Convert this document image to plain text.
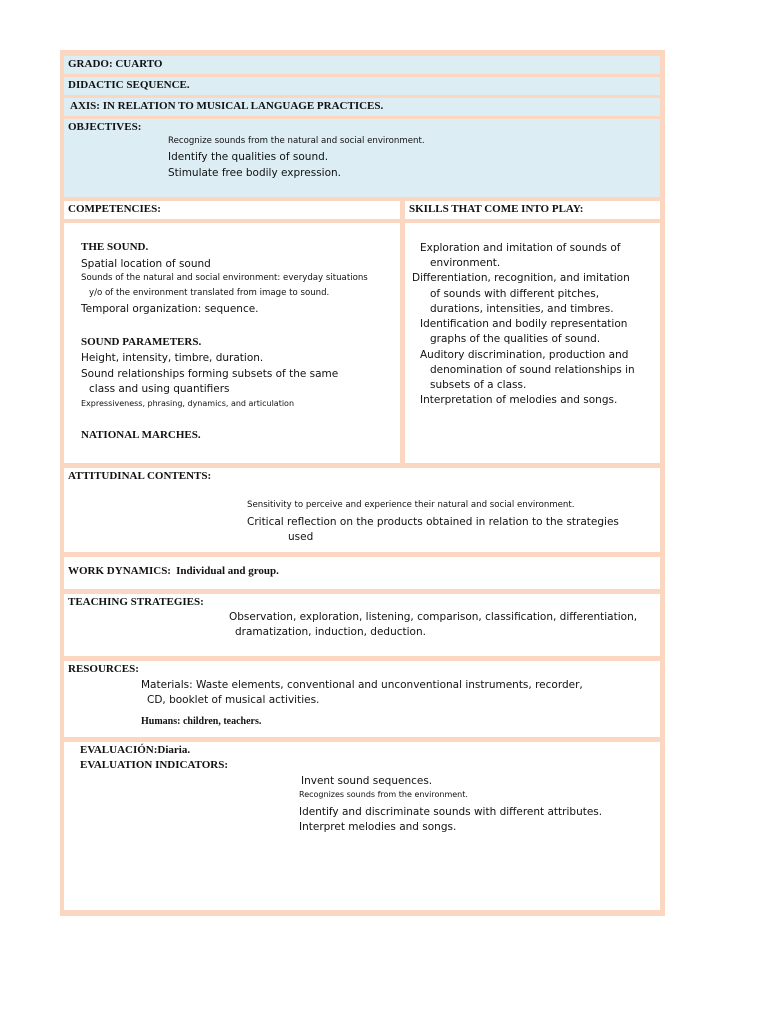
GRADO: CUARTO
DIDACTIC SEQUENCE.
AXIS: IN RELATION TO MUSICAL LANGUAGE PRACTICES.
OBJECTIVES:
Recognize sounds from the natural and social environment.
Identify the qualities of sound.
Stimulate free bodily expression.
COMPETENCIES:	SKILLS THAT COME INTO PLAY:
THE SOUND.
Spatial location of sound
Sounds of the natural and social environment: everyday situations
y/o of the environment translated from image to sound.
Temporal organization: sequence.
SOUND PARAMETERS.
Height, intensity, timbre, duration.
Sound relationships forming subsets of the same
class and using quantifiers
Expressiveness, phrasing, dynamics, and articulation
NATIONAL MARCHES.
Exploration and imitation of sounds of
environment.
Differentiation, recognition, and imitation
of sounds with different pitches,
durations, intensities, and timbres.
Identification and bodily representation
graphs of the qualities of sound.
Auditory discrimination, production and
denomination of sound relationships in
subsets of a class.
Interpretation of melodies and songs.
ATTITUDINAL CONTENTS:
Sensitivity to perceive and experience their natural and social environment.
Critical reflection on the products obtained in relation to the strategies
used
WORK DYNAMICS: Individual and group.
TEACHING STRATEGIES:
Observation, exploration, listening, comparison, classification, differentiation,
dramatization, induction, deduction.
RESOURCES:
Materials: Waste elements, conventional and unconventional instruments, recorder,
CD, booklet of musical activities.
Humans: children, teachers.
EVALUACIÓN:Diaria.
EVALUATION INDICATORS:
Invent sound sequences.
Recognizes sounds from the environment.
Identify and discriminate sounds with different attributes.
Interpret melodies and songs.
